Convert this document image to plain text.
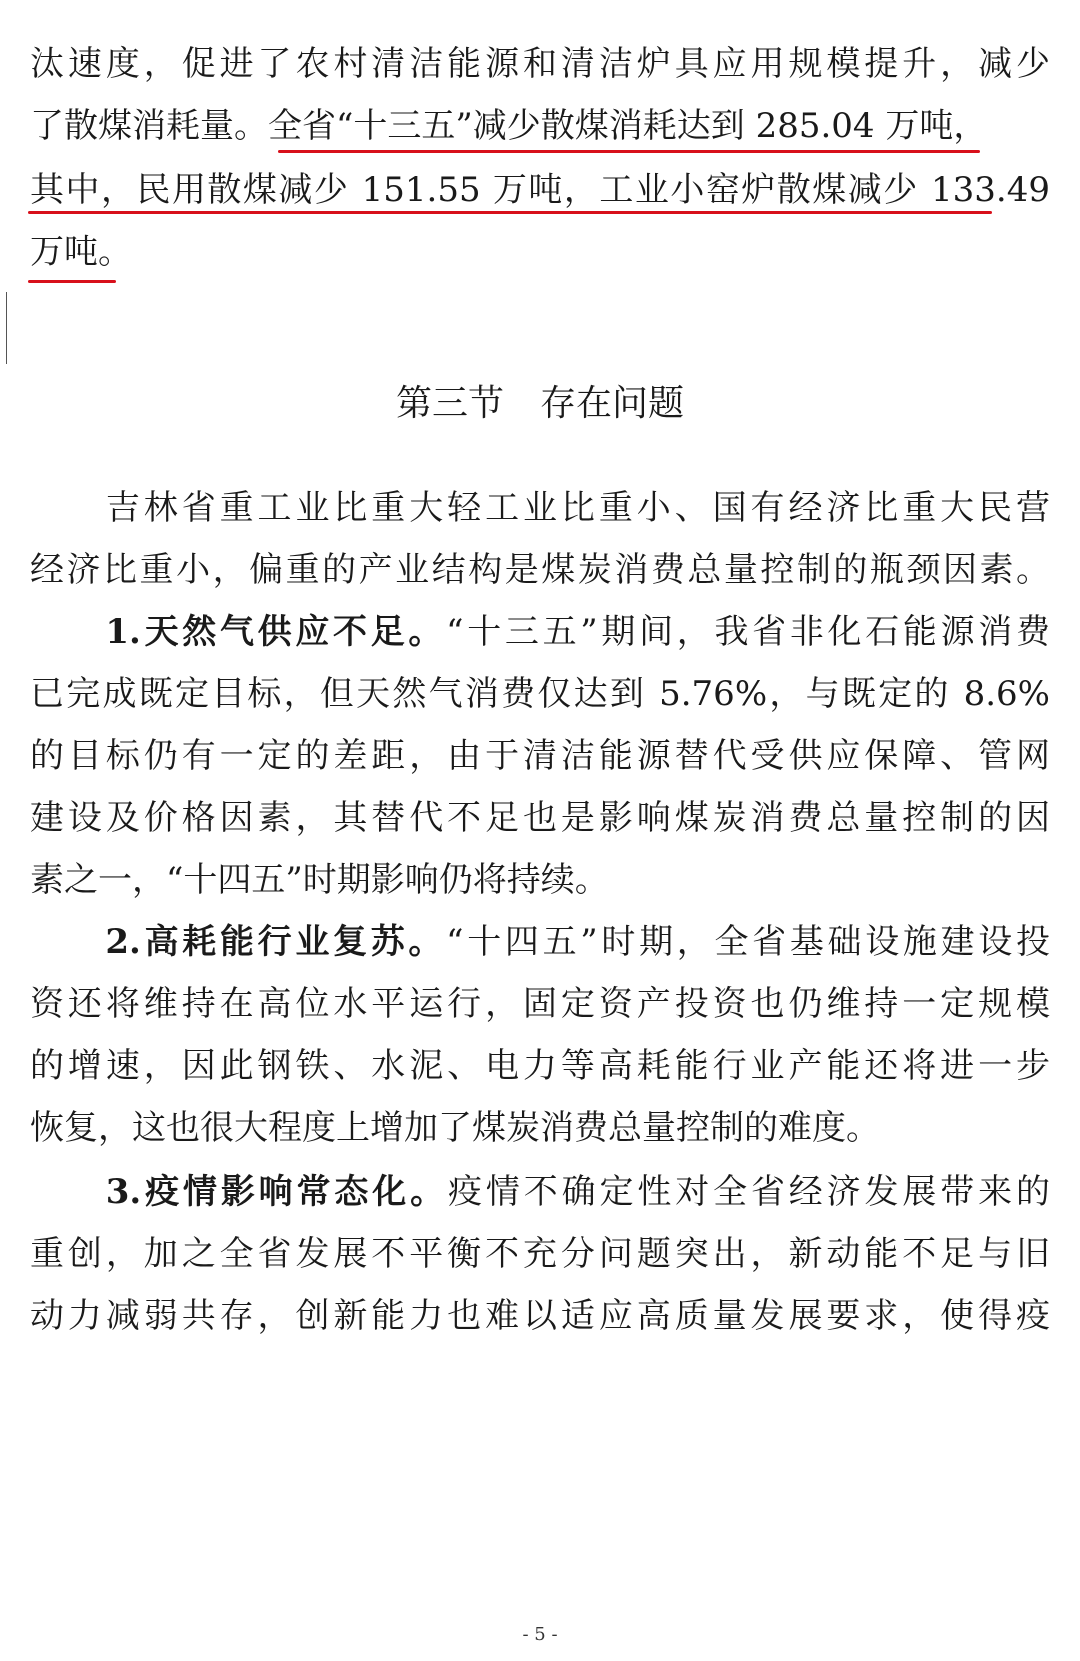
汰速度，促进了农村清洁能源和清洁炉具应用规模提升，减少
了散煤消耗量。全省“十三五”减少散煤消耗达到 285.04 万吨，
其中，民用散煤减少 151.55 万吨，工业小窑炉散煤减少 133.49
万吨。
第三节　存在问题
　　吉林省重工业比重大轻工业比重小、国有经济比重大民营
经济比重小，偏重的产业结构是煤炭消费总量控制的瓶颈因素。
　　1.天然气供应不足。“十三五”期间，我省非化石能源消费
已完成既定目标，但天然气消费仅达到 5.76%，与既定的 8.6%
的目标仍有一定的差距，由于清洁能源替代受供应保障、管网
建设及价格因素，其替代不足也是影响煤炭消费总量控制的因
素之一，“十四五”时期影响仍将持续。
　　2.高耗能行业复苏。“十四五”时期，全省基础设施建设投
资还将维持在高位水平运行，固定资产投资也仍维持一定规模
的增速，因此钢铁、水泥、电力等高耗能行业产能还将进一步
恢复，这也很大程度上增加了煤炭消费总量控制的难度。
　　3.疫情影响常态化。疫情不确定性对全省经济发展带来的
重创，加之全省发展不平衡不充分问题突出，新动能不足与旧
动力减弱共存，创新能力也难以适应高质量发展要求，使得疫
- 5 -
